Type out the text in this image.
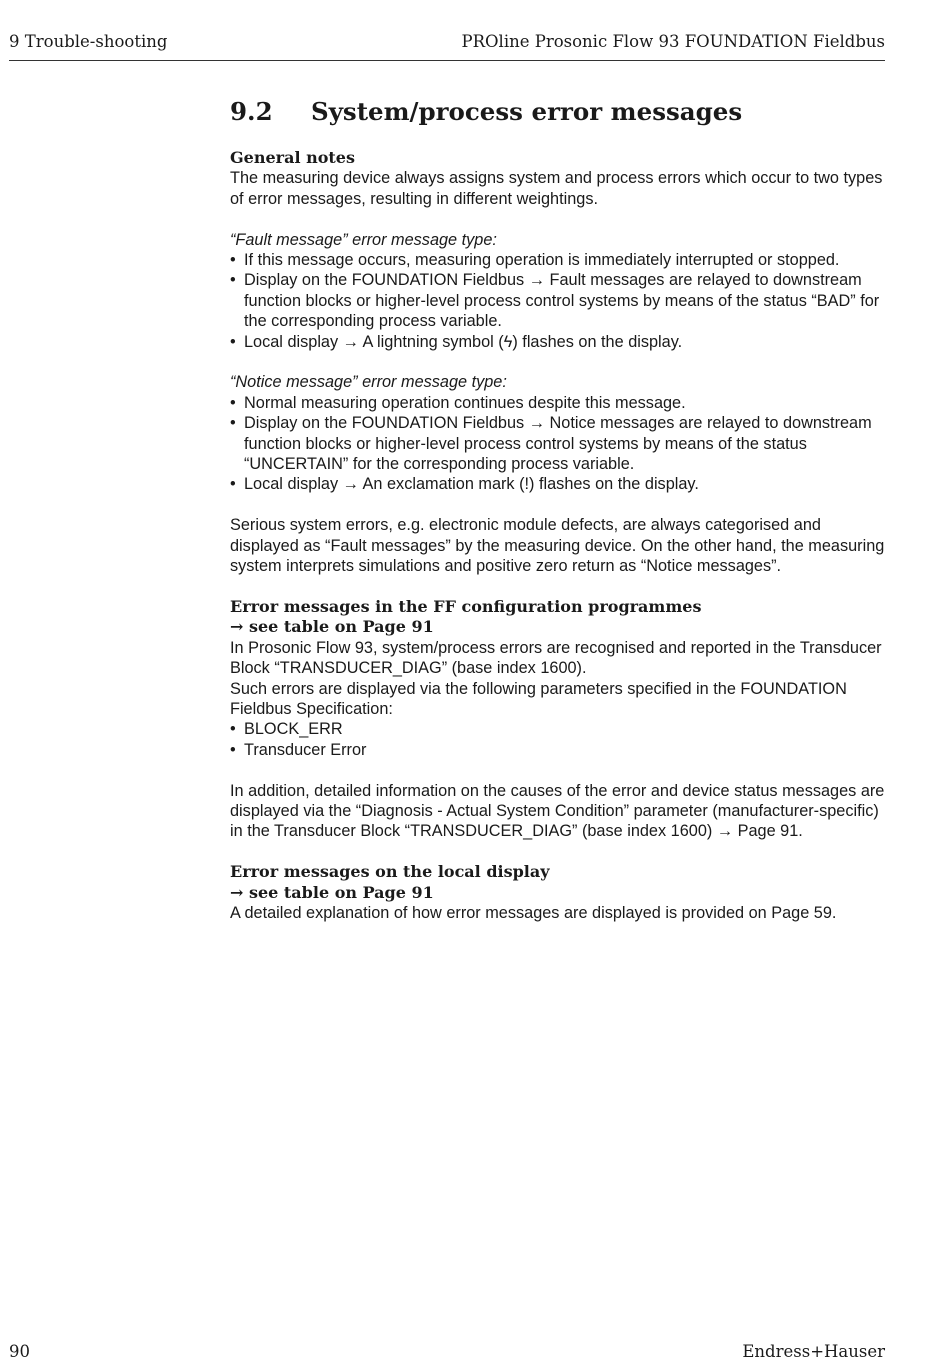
9 Trouble-shooting	PROline Prosonic Flow 93 FOUNDATION Fieldbus
9.2	System/process error messages
General notes

The measuring device always assigns system and process errors which occur to two types of error messages, resulting in different weightings.

“Fault message” error message type:

• If this message occurs, measuring operation is immediately interrupted or stopped.
• Display on the FOUNDATION Fieldbus → Fault messages are relayed to downstream function blocks or higher-level process control systems by means of the status “BAD” for the corresponding process variable.
• Local display → A lightning symbol (ϟ) flashes on the display.

“Notice message” error message type:

• Normal measuring operation continues despite this message.
• Display on the FOUNDATION Fieldbus → Notice messages are relayed to downstream function blocks or higher-level process control systems by means of the status “UNCERTAIN” for the corresponding process variable.
• Local display → An exclamation mark (!) flashes on the display.

Serious system errors, e.g. electronic module defects, are always categorised and displayed as “Fault messages” by the measuring device. On the other hand, the measuring system interprets simulations and positive zero return as “Notice messages”.

Error messages in the FF configuration programmes
→ see table on Page 91

In Prosonic Flow 93, system/process errors are recognised and reported in the Transducer Block “TRANSDUCER_DIAG” (base index 1600).

Such errors are displayed via the following parameters specified in the FOUNDATION Fieldbus Specification:

• BLOCK_ERR
• Transducer Error

In addition, detailed information on the causes of the error and device status messages are displayed via the “Diagnosis - Actual System Condition” parameter (manufacturer-specific) in the Transducer Block “TRANSDUCER_DIAG” (base index 1600) → Page 91.

Error messages on the local display
→ see table on Page 91

A detailed explanation of how error messages are displayed is provided on Page 59.

90	Endress+Hauser
